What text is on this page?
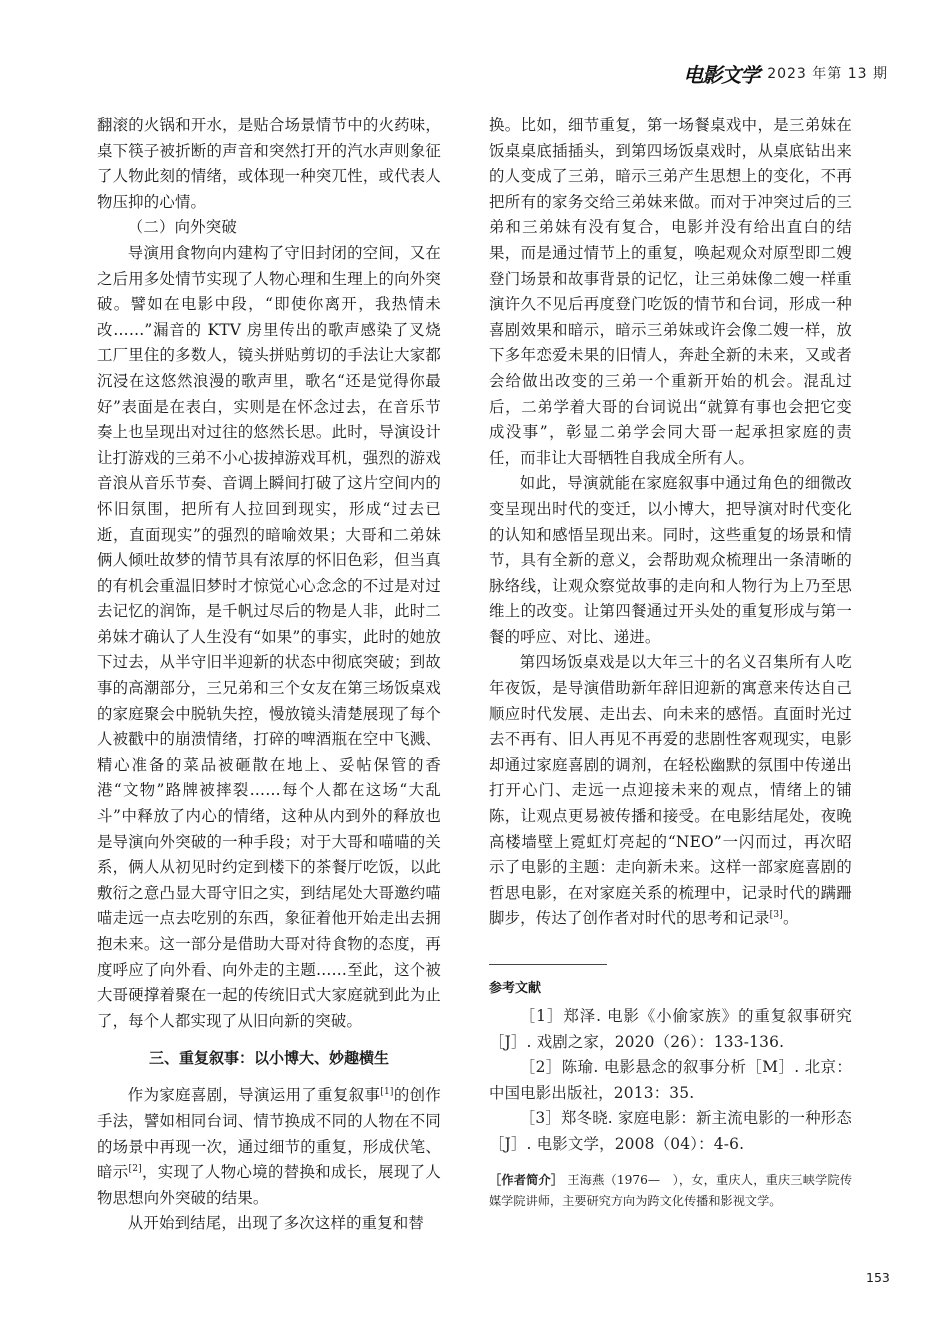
电影文学 2023 年第 13 期

翻滚的火锅和开水，是贴合场景情节中的火药味，桌下筷子被折断的声音和突然打开的汽水声则象征了人物此刻的情绪，或体现一种突兀性，或代表人物压抑的心情。

（二）向外突破

导演用食物向内建构了守旧封闭的空间，又在之后用多处情节实现了人物心理和生理上的向外突破。譬如在电影中段，“即使你离开，我热情未改……”漏音的 KTV 房里传出的歌声感染了叉烧工厂里住的多数人，镜头拼贴剪切的手法让大家都沉浸在这悠然浪漫的歌声里，歌名“还是觉得你最好”表面是在表白，实则是在怀念过去，在音乐节奏上也呈现出对过往的悠然长思。此时，导演设计让打游戏的三弟不小心拔掉游戏耳机，强烈的游戏音浪从音乐节奏、音调上瞬间打破了这片空间内的怀旧氛围，把所有人拉回到现实，形成“过去已逝，直面现实”的强烈的暗喻效果；大哥和二弟妹俩人倾吐故梦的情节具有浓厚的怀旧色彩，但当真的有机会重温旧梦时才惊觉心心念念的不过是对过去记忆的润饰，是千帆过尽后的物是人非，此时二弟妹才确认了人生没有“如果”的事实，此时的她放下过去，从半守旧半迎新的状态中彻底突破；到故事的高潮部分，三兄弟和三个女友在第三场饭桌戏的家庭聚会中脱轨失控，慢放镜头清楚展现了每个人被戳中的崩溃情绪，打碎的啤酒瓶在空中飞溅、精心准备的菜品被砸散在地上、妥帖保管的香港“文物”路牌被摔裂……每个人都在这场“大乱斗”中释放了内心的情绪，这种从内到外的释放也是导演向外突破的一种手段；对于大哥和喵喵的关系，俩人从初见时约定到楼下的茶餐厅吃饭，以此敷衍之意凸显大哥守旧之实，到结尾处大哥邀约喵喵走远一点去吃别的东西，象征着他开始走出去拥抱未来。这一部分是借助大哥对待食物的态度，再度呼应了向外看、向外走的主题……至此，这个被大哥硬撑着聚在一起的传统旧式大家庭就到此为止了，每个人都实现了从旧向新的突破。

三、重复叙事：以小博大、妙趣横生

作为家庭喜剧，导演运用了重复叙事[1]的创作手法，譬如相同台词、情节换成不同的人物在不同的场景中再现一次，通过细节的重复，形成伏笔、暗示[2]，实现了人物心境的替换和成长，展现了人物思想向外突破的结果。

从开始到结尾，出现了多次这样的重复和替

换。比如，细节重复，第一场餐桌戏中，是三弟妹在饭桌桌底插插头，到第四场饭桌戏时，从桌底钻出来的人变成了三弟，暗示三弟产生思想上的变化，不再把所有的家务交给三弟妹来做。而对于冲突过后的三弟和三弟妹有没有复合，电影并没有给出直白的结果，而是通过情节上的重复，唤起观众对原型即二嫂登门场景和故事背景的记忆，让三弟妹像二嫂一样重演许久不见后再度登门吃饭的情节和台词，形成一种喜剧效果和暗示，暗示三弟妹或许会像二嫂一样，放下多年恋爱未果的旧情人，奔赴全新的未来，又或者会给做出改变的三弟一个重新开始的机会。混乱过后，二弟学着大哥的台词说出“就算有事也会把它变成没事”，彰显二弟学会同大哥一起承担家庭的责任，而非让大哥牺牲自我成全所有人。

如此，导演就能在家庭叙事中通过角色的细微改变呈现出时代的变迁，以小博大，把导演对时代变化的认知和感悟呈现出来。同时，这些重复的场景和情节，具有全新的意义，会帮助观众梳理出一条清晰的脉络线，让观众察觉故事的走向和人物行为上乃至思维上的改变。让第四餐通过开头处的重复形成与第一餐的呼应、对比、递进。

第四场饭桌戏是以大年三十的名义召集所有人吃年夜饭，是导演借助新年辞旧迎新的寓意来传达自己顺应时代发展、走出去、向未来的感悟。直面时光过去不再有、旧人再见不再爱的悲剧性客观现实，电影却通过家庭喜剧的调剂，在轻松幽默的氛围中传递出打开心门、走远一点迎接未来的观点，情绪上的铺陈，让观点更易被传播和接受。在电影结尾处，夜晚高楼墙壁上霓虹灯亮起的“NEO”一闪而过，再次昭示了电影的主题：走向新未来。这样一部家庭喜剧的哲思电影，在对家庭关系的梳理中，记录时代的蹒跚脚步，传达了创作者对时代的思考和记录[3]。

参考文献

［1］郑泽. 电影《小偷家族》的重复叙事研究［J］. 戏剧之家，2020（26）：133-136.

［2］陈瑜. 电影悬念的叙事分析［M］. 北京：中国电影出版社，2013：35.

［3］郑冬晓. 家庭电影：新主流电影的一种形态［J］. 电影文学，2008（04）：4-6.

［作者简介］ 王海燕（1976—　），女，重庆人，重庆三峡学院传媒学院讲师，主要研究方向为跨文化传播和影视文学。
153
